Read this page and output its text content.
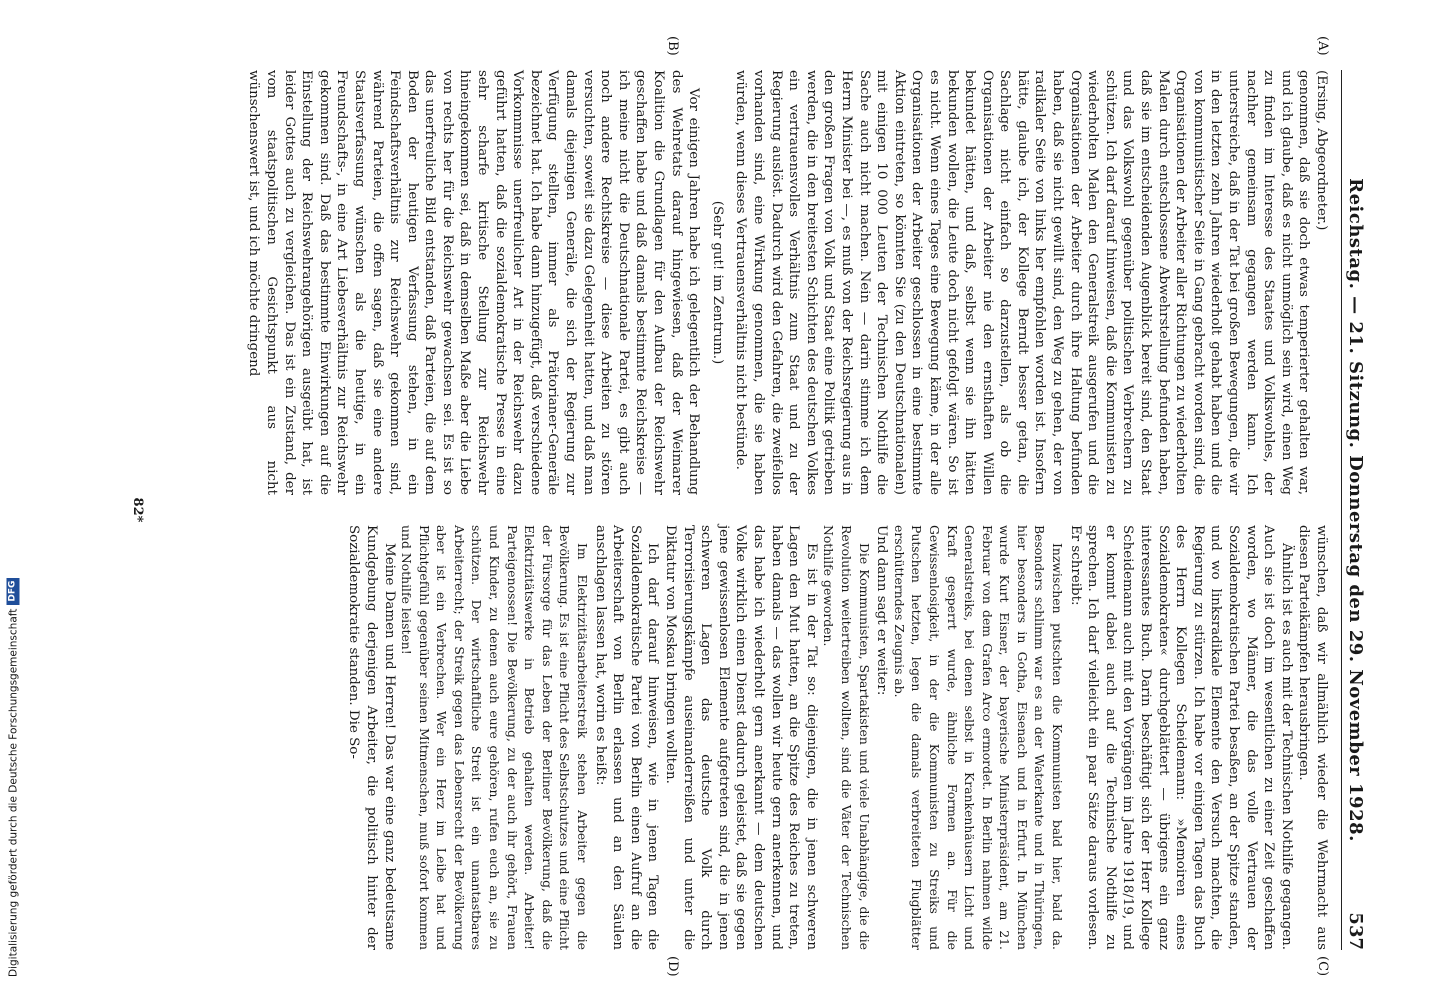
Digitalisierung gefördert durch die Deutsche Forschungsgemeinschaft
DFG	Reichstag. — 21. Sitzung. Donnerstag den 29. November 1928.
537
(A)
(B)
(C)
(D)

(Ersing, Abgeordneter.)

genommen, daß sie doch etwas temperierter gehalten war, und ich glaube, daß es nicht unmöglich sein wird, einen Weg zu finden im Interesse des Staates und Volkswohles, der nachher gemeinsam gegangen werden kann. Ich unterstreiche, daß in der Tat bei großen Bewegungen, die wir in den letzten zehn Jahren wiederholt gehabt haben und die von kommunistischer Seite in Gang gebracht worden sind, die Organisationen der Arbeiter aller Richtungen zu wiederholten Malen durch entschlossene Abwehrstellung befunden haben, daß sie im entscheidenden Augenblick bereit sind, den Staat und das Volkswohl gegenüber politischen Verbrechern zu schützen. Ich darf darauf hinweisen, daß die Kommunisten zu wiederholten Malen den Generalstreik ausgerufen und die Organisationen der Arbeiter durch ihre Haltung befunden haben, daß sie nicht gewillt sind, den Weg zu gehen, der von radikaler Seite von links her empfohlen worden ist. Insofern hätte, glaube ich, der Kollege Berndt besser getan, die Sachlage nicht einfach so darzustellen, als ob die Organisationen der Arbeiter nie den ernsthaften Willen bekundet hätten, und daß, selbst wenn sie ihn hätten bekunden wollen, die Leute doch nicht gefolgt wären. So ist es nicht. Wenn eines Tages eine Bewegung käme, in der alle Organisationen der Arbeiter geschlossen in eine bestimmte Aktion eintreten, so könnten Sie (zu den Deutschnationalen) mit einigen 10 000 Leuten der Technischen Nothilfe die Sache auch nicht machen. Nein — darin stimme ich dem Herrn Minister bei —, es muß von der Reichsregierung aus in den großen Fragen von Volk und Staat eine Politik getrieben werden, die in den breitesten Schichten des deutschen Volkes ein vertrauensvolles Verhältnis zum Staat und zu der Regierung auslöst. Dadurch wird den Gefahren, die zweifellos vorhanden sind, eine Wirkung genommen, die sie haben würden, wenn dieses Vertrauensverhältnis nicht bestünde.

(Sehr gut! im Zentrum.)

Vor einigen Jahren habe ich gelegentlich der Behandlung des Wehretats darauf hingewiesen, daß der Weimarer Koalition die Grundlagen für den Aufbau der Reichswehr geschaffen habe und daß damals bestimmte Reichskreise — ich meine nicht die Deutschnationale Partei, es gibt auch noch andere Rechtskreise — diese Arbeiten zu stören versuchten, soweit sie dazu Gelegenheit hatten, und daß man damals diejenigen Generäle, die sich der Regierung zur Verfügung stellten, immer als Prätorianer-Generäle bezeichnet hat. Ich habe dann hinzugefügt, daß verschiedene Vorkommnisse unerfreulicher Art in der Reichswehr dazu geführt hatten, daß die sozialdemokratische Presse in eine sehr scharfe kritische Stellung zur Reichswehr hineingekommen sei, daß in demselben Maße aber die Liebe von rechts her für die Reichswehr gewachsen sei. Es ist so das unerfreuliche Bild entstanden, daß Parteien, die auf dem Boden der heutigen Verfassung stehen, in ein Feindschaftsverhältnis zur Reichswehr gekommen sind, während Parteien, die offen sagen, daß sie eine andere Staatsverfassung wünschen als die heutige, in ein Freundschafts-, in eine Art Liebesverhältnis zur Reichswehr gekommen sind. Daß das bestimmte Einwirkungen auf die Einstellung der Reichswehrangehörigen ausgeübt hat, ist leider Gottes auch zu vergleichen. Das ist ein Zustand, der vom staatspolitischen Gesichtspunkt aus nicht wünschenswert ist, und ich möchte dringend

wünschen, daß wir allmählich wieder die Wehrmacht aus diesen Parteikämpfen herausbringen.

Ähnlich ist es auch mit der Technischen Nothilfe gegangen. Auch sie ist doch im wesentlichen zu einer Zeit geschaffen worden, wo Männer, die das volle Vertrauen der Sozialdemokratischen Partei besaßen, an der Spitze standen, und wo linksradikale Elemente den Versuch machten, die Regierung zu stürzen. Ich habe vor einigen Tagen das Buch des Herrn Kollegen Scheidemann: »Memoiren eines Sozialdemokraten« durchgeblättert — übrigens ein ganz interessantes Buch. Darin beschäftigt sich der Herr Kollege Scheidemann auch mit den Vorgängen im Jahre 1918/19, und er kommt dabei auch auf die Technische Nothilfe zu sprechen. Ich darf vielleicht ein paar Sätze daraus vorlesen. Er schreibt:

Inzwischen putschten die Kommunisten bald hier, bald da. Besonders schlimm war es an der Waterkante und in Thüringen, hier besonders in Gotha, Eisenach und in Erfurt. In München wurde Kurt Eisner, der bayerische Ministerpräsident, am 21. Februar von dem Grafen Arco ermordet. In Berlin nahmen wilde Generalstreiks, bei denen selbst in Krankenhäusern Licht und Kraft gesperrt wurde, ähnliche Formen an. Für die Gewissenlosigkeit, in der die Kommunisten zu Streiks und Putschen hetzten, legen die damals verbreiteten Flugblätter erschütterndes Zeugnis ab.

Und dann sagt er weiter:

Die Kommunisten, Spartakisten und viele Unabhängige, die die Revolution weitertreiben wollten, sind die Väter der Technischen Nothilfe geworden.

Es ist in der Tat so: diejenigen, die in jenen schweren Lagen den Mut hatten, an die Spitze des Reiches zu treten, haben damals — das wollen wir heute gern anerkennen, und das habe ich wiederholt gern anerkannt — dem deutschen Volke wirklich einen Dienst dadurch geleistet, daß sie gegen jene gewissenlosen Elemente aufgetreten sind, die in jenen schweren Lagen das deutsche Volk durch Terrorisierungskämpfe auseinanderreißen und unter die Diktatur von Moskau bringen wollten.

Ich darf darauf hinweisen, wie in jenen Tagen die Sozialdemokratische Partei von Berlin einen Aufruf an die Arbeiterschaft von Berlin erlassen und an den Säulen anschlagen lassen hat, worin es heißt:

Im Elektrizitätsarbeiterstreik stehen Arbeiter gegen die Bevölkerung. Es ist eine Pflicht des Selbstschutzes und eine Pflicht der Fürsorge für das Leben der Berliner Bevölkerung, daß die Elektrizitätswerke in Betrieb gehalten werden. Arbeiter! Parteigenossen! Die Bevölkerung, zu der auch ihr gehört, Frauen und Kinder, zu denen auch eure gehören, rufen euch an, sie zu schützen. Der wirtschaftliche Streit ist ein unantastbares Arbeiterrecht; der Streik gegen das Lebensrecht der Bevölkerung aber ist ein Verbrechen. Wer ein Herz im Leibe hat und Pflichtgefühl gegenüber seinen Mitmenschen, muß sofort kommen und Nothilfe leisten!

Meine Damen und Herren! Das war eine ganz bedeutsame Kundgebung derjenigen Arbeiter, die politisch hinter der Sozialdemokratie standen. Die So-

82*
